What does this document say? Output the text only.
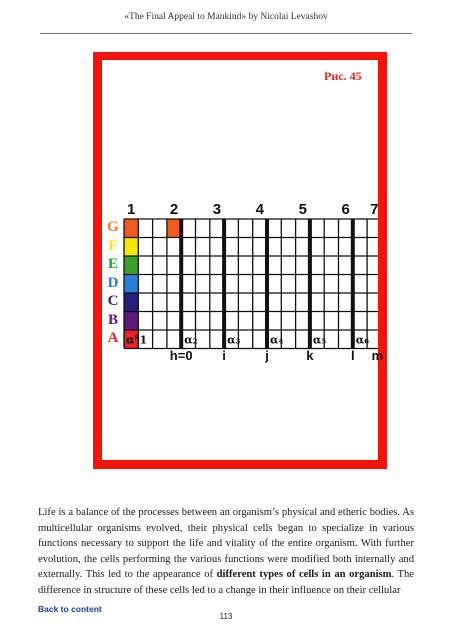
«The Final Appeal to Mankind» by Nicolai Levashov
Рис. 45
1	2	3	4	5	6	7
G
F
E
D
C
B
A αᵀ1	α₂	α₃	α₄	α₅	α₆
h=0	i	j	k	l	m

Life is a balance of the processes between an organism’s physical and etheric bodies. As multicellular organisms evolved, their physical cells began to specialize in various functions necessary to support the life and vitality of the entire organism. With further evolution, the cells performing the various functions were modified both internally and externally. This led to the appearance of different types of cells in an organism. The difference in structure of these cells led to a change in their influence on their cellular

Back to content
113
